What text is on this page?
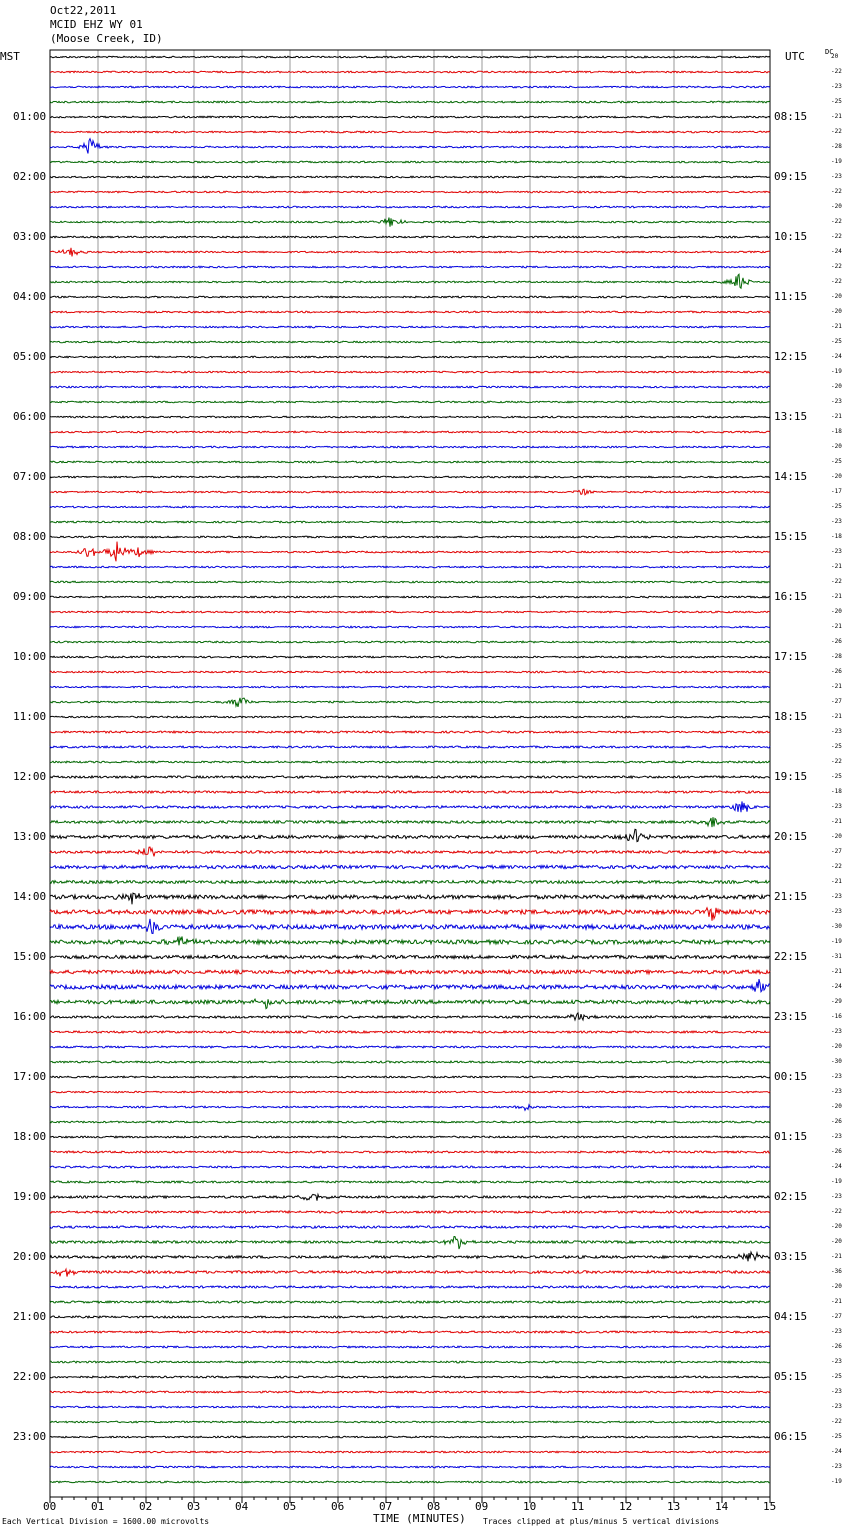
Oct22,2011
MCID EHZ WY 01
(Moose Creek, ID)
MST	UTC	DC
00	01	02	03	04	05	06	07	08	09	10	11	12	13	14	15
20
-22
-23
-25
-21
-22
-28
-19
-23
-22
-20
-22
-22
-24
-22
-22
-20
-20
-21
-25
-24
-19
-20
-23
-21
-18
-20
-25
-20
-17
-25
-23
-18
-23
-21
-22
-21
-20
-21
-26
-28
-26
-21
-27
-21
-23
-25
-22
-25
-18
-23
-21
-20
-27
-22
-21
-23
-23
-30
-19
-31
-21
-24
-29
-16
-23
-20
-30
-23
-23
-20
-26
-23
-26
-24
-19
-23
-22
-20
-20
-21
-36
-20
-21
-27
-23
-26
-23
-25
-23
-23
-22
-25
-24
-23
-19
01:00
02:00
03:00
04:00
05:00
06:00
07:00
08:00
09:00
10:00
11:00
12:00
13:00
14:00
15:00
16:00
17:00
18:00
19:00
20:00
21:00
22:00
23:00
08:15
09:15
10:15
11:15
12:15
13:15
14:15
15:15
16:15
17:15
18:15
19:15
20:15
21:15
22:15
23:15
00:15
01:15
02:15
03:15
04:15
05:15
06:15
TIME (MINUTES)
Each Vertical Division = 1600.00 microvolts	Traces clipped at plus/minus 5 vertical divisions
